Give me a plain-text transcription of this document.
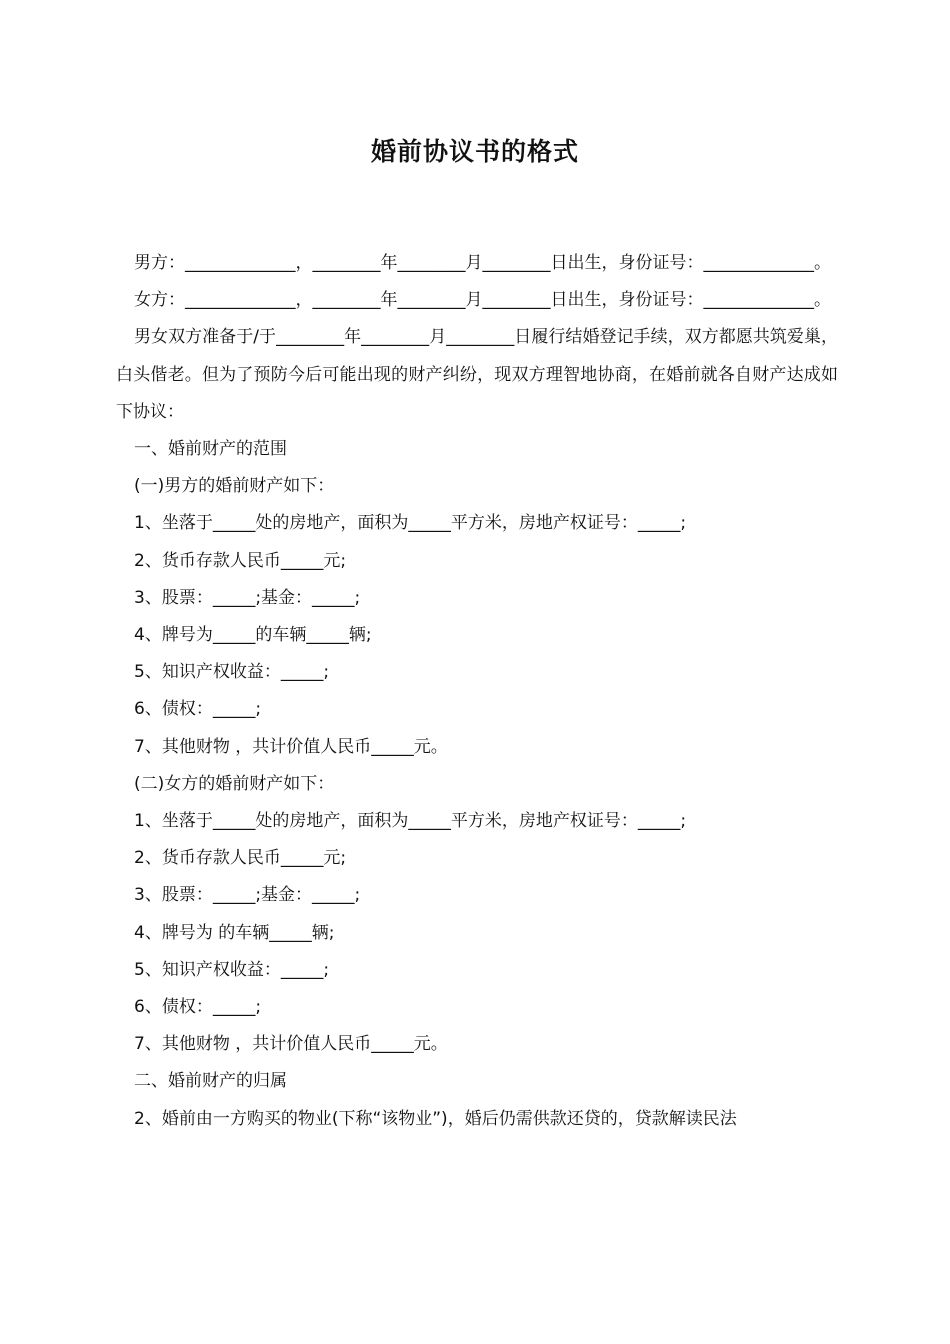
婚前协议书的格式

男方：_____________，________年________月________日出生，身份证号：_____________。

女方：_____________，________年________月________日出生，身份证号：_____________。

男女双方准备于/于________年________月________日履行结婚登记手续，双方都愿共筑爱巢，白头偕老。但为了预防今后可能出现的财产纠纷，现双方理智地协商，在婚前就各自财产达成如下协议：

一、婚前财产的范围

(一)男方的婚前财产如下：

1、坐落于_____处的房地产，面积为_____平方米，房地产权证号：_____;

2、货币存款人民币_____元;

3、股票：_____;基金：_____;

4、牌号为_____的车辆_____辆;

5、知识产权收益：_____;

6、债权：_____;

7、其他财物 ，共计价值人民币_____元。

(二)女方的婚前财产如下：

1、坐落于_____处的房地产，面积为_____平方米，房地产权证号：_____;

2、货币存款人民币_____元;

3、股票：_____;基金：_____;

4、牌号为 的车辆_____辆;

5、知识产权收益：_____;

6、债权：_____;

7、其他财物 ，共计价值人民币_____元。

二、婚前财产的归属

2、婚前由一方购买的物业(下称“该物业”)，婚后仍需供款还贷的，贷款解读民法
